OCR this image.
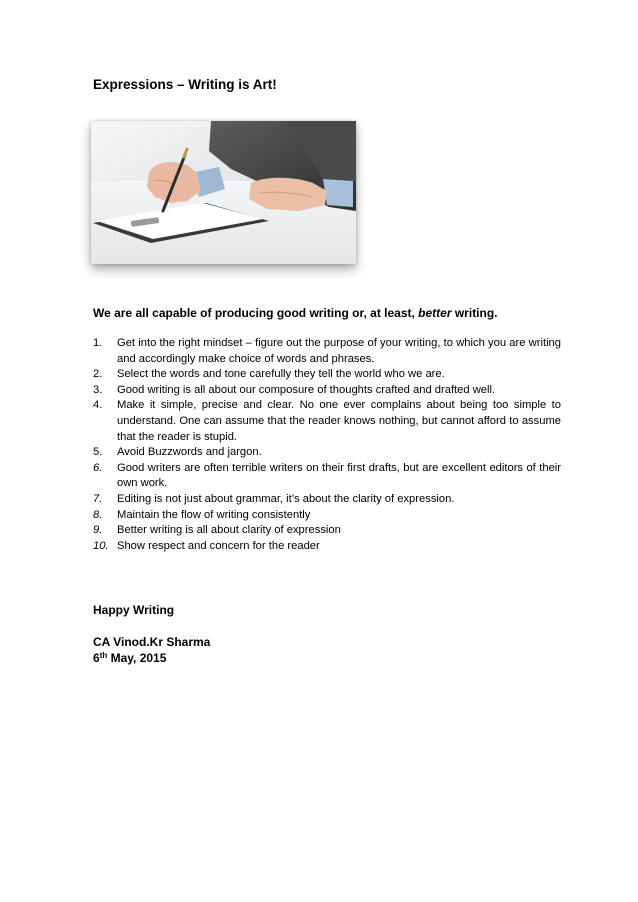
Expressions – Writing is Art!
We are all capable of producing good writing or, at least, better writing.
1. Get into the right mindset – figure out the purpose of your writing, to which you are writing and accordingly make choice of words and phrases.
2. Select the words and tone carefully they tell the world who we are.
3. Good writing is all about our composure of thoughts crafted and drafted well.
4. Make it simple, precise and clear. No one ever complains about being too simple to understand. One can assume that the reader knows nothing, but cannot afford to assume that the reader is stupid.
5. Avoid Buzzwords and jargon.
6. Good writers are often terrible writers on their first drafts, but are excellent editors of their own work.
7. Editing is not just about grammar, it’s about the clarity of expression.
8. Maintain the flow of writing consistently
9. Better writing is all about clarity of expression
10. Show respect and concern for the reader
Happy Writing
CA Vinod.Kr Sharma
6th May, 2015
